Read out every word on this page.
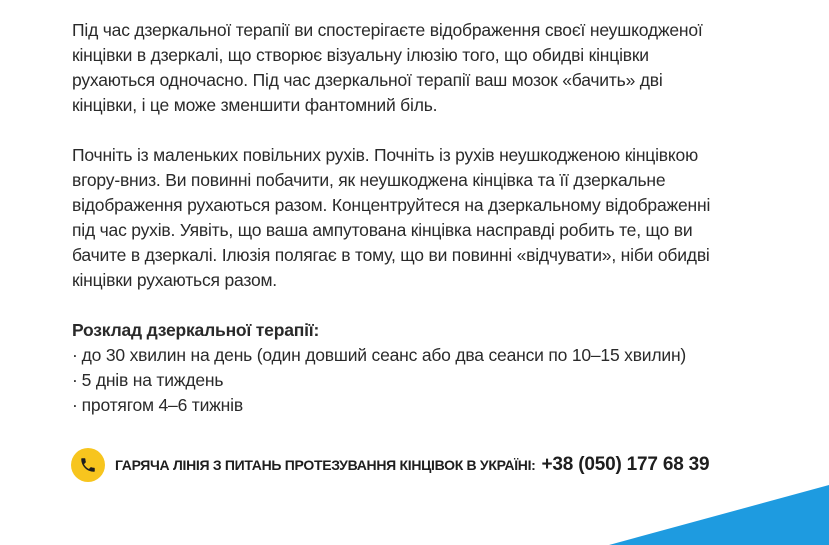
Під час дзеркальної терапії ви спостерігаєте відображення своєї неушкодженої
кінцівки в дзеркалі, що створює візуальну ілюзію того, що обидві кінцівки
рухаються одночасно. Під час дзеркальної терапії ваш мозок «бачить» дві
кінцівки, і це може зменшити фантомний біль.

Почніть із маленьких повільних рухів. Почніть із рухів неушкодженою кінцівкою
вгору-вниз. Ви повинні побачити, як неушкоджена кінцівка та її дзеркальне
відображення рухаються разом. Концентруйтеся на дзеркальному відображенні
під час рухів. Уявіть, що ваша ампутована кінцівка насправді робить те, що ви
бачите в дзеркалі. Ілюзія полягає в тому, що ви повинні «відчувати», ніби обидві
кінцівки рухаються разом.

Розклад дзеркальної терапії:

· до 30 хвилин на день (один довший сеанс або два сеанси по 10–15 хвилин)
· 5 днів на тиждень
· протягом 4–6 тижнів
ГАРЯЧА ЛІНІЯ З ПИТАНЬ ПРОТЕЗУВАННЯ КІНЦІВОК В УКРАЇНІ: +38 (050) 177 68 39
